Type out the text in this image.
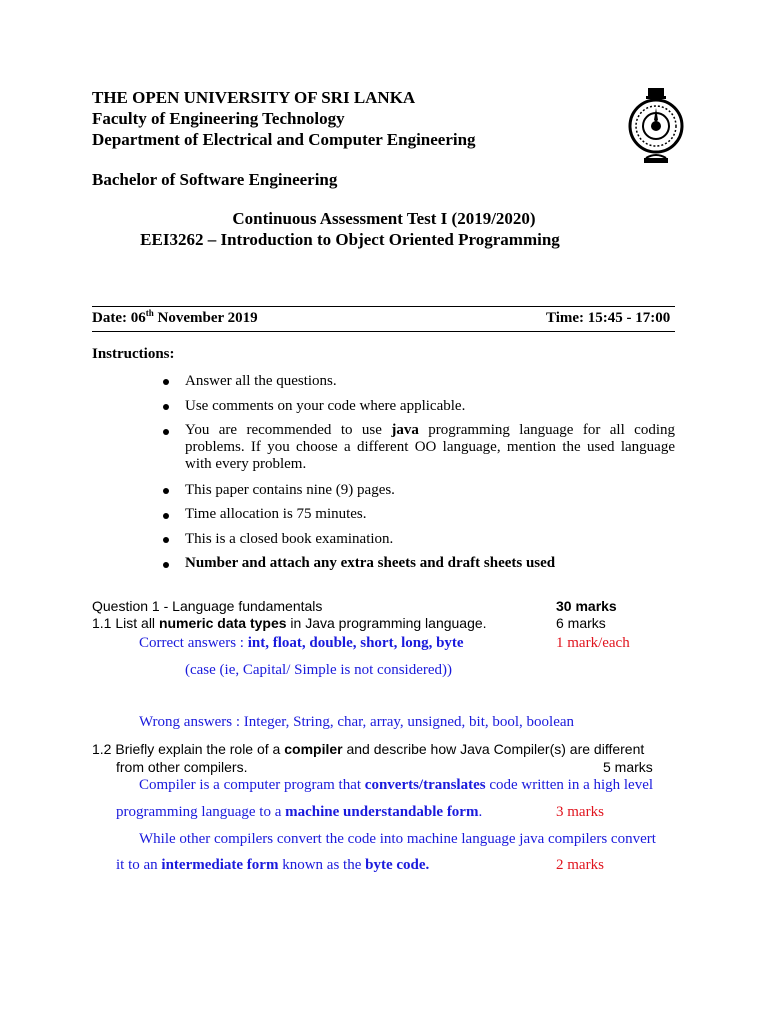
THE OPEN UNIVERSITY OF SRI LANKA
Faculty of Engineering Technology
Department of Electrical and Computer Engineering
Bachelor of Software Engineering
Continuous Assessment Test I (2019/2020)
EEI3262 – Introduction to Object Oriented Programming
Date: 06th November 2019	Time: 15:45 - 17:00
Instructions:
Answer all the questions.
Use comments on your code where applicable.
You are recommended to use java programming language for all coding problems. If you choose a different OO language, mention the used language with every problem.
This paper contains nine (9) pages.
Time allocation is 75 minutes.
This is a closed book examination.
Number and attach any extra sheets and draft sheets used
Question 1 - Language fundamentals	30 marks
1.1 List all numeric data types in Java programming language.	6 marks
Correct answers : int, float, double, short, long, byte	1 mark/each
(case (ie, Capital/ Simple is not considered))
Wrong answers : Integer, String, char, array, unsigned, bit, bool, boolean
1.2 Briefly explain the role of a compiler and describe how Java Compiler(s) are different
from other compilers.	5 marks
Compiler is a computer program that converts/translates code written in a high level
programming language to a machine understandable form.	3 marks
While other compilers convert the code into machine language java compilers convert
it to an intermediate form known as the byte code.	2 marks
